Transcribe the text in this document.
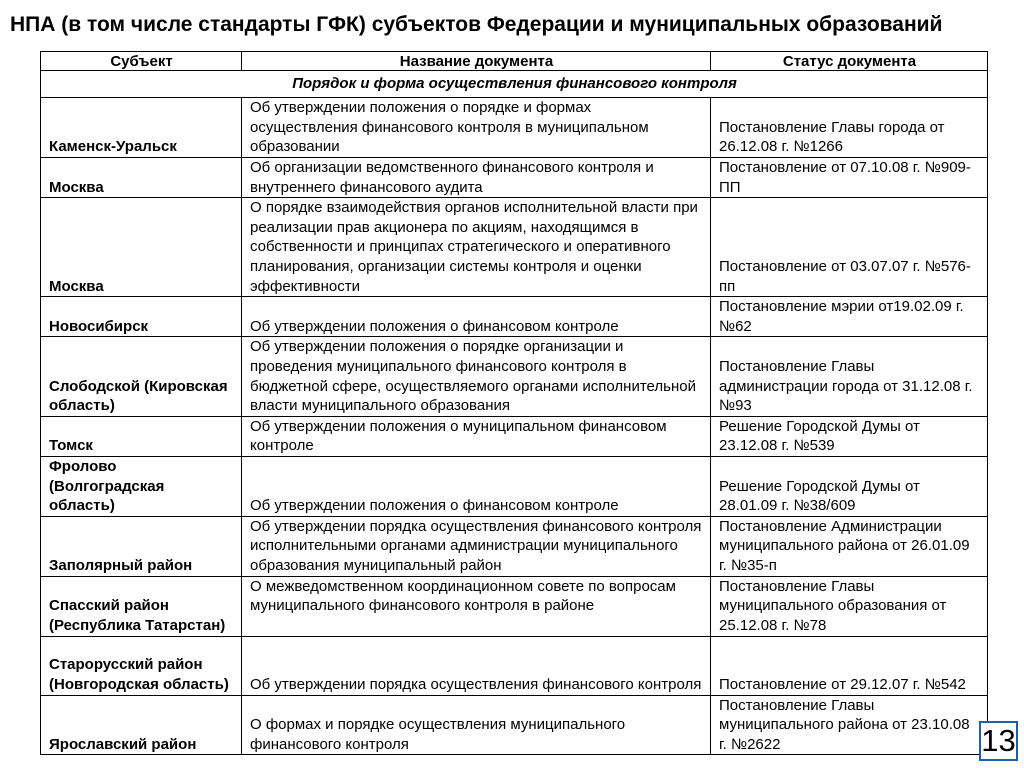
НПА (в том числе стандарты ГФК) субъектов Федерации и муниципальных образований
Субъект	Название документа	Статус документа
Порядок и форма осуществления финансового контроля		
Каменск-Уральск	Об утверждении положения о порядке и формах осуществления финансового контроля в муниципальном образовании	Постановление Главы города от 26.12.08 г. №1266
Москва	Об организации ведомственного финансового контроля и внутреннего финансового аудита	Постановление от 07.10.08 г. №909-ПП
Москва	О порядке взаимодействия органов исполнительной власти при реализации прав акционера по акциям, находящимся в собственности и принципах стратегического и оперативного планирования, организации системы контроля и оценки эффективности	Постановление от 03.07.07 г. №576-пп
Новосибирск	Об утверждении положения о финансовом контроле	Постановление мэрии от19.02.09 г. №62
Слободской (Кировская область)	Об утверждении положения о порядке организации и проведения муниципального финансового контроля в бюджетной сфере, осуществляемого органами исполнительной власти муниципального образования	Постановление Главы администрации города от 31.12.08 г. №93
Томск	Об утверждении положения о муниципальном финансовом контроле	Решение Городской Думы от 23.12.08 г. №539
Фролово (Волгоградская область)	Об утверждении положения о финансовом контроле	Решение Городской Думы от 28.01.09 г. №38/609
Заполярный район	Об утверждении порядка осуществления финансового контроля исполнительными органами администрации муниципального образования муниципальный район	Постановление Администрации муниципального района от 26.01.09 г. №35-п
Спасский район (Республика Татарстан)	О межведомственном координационном совете по вопросам муниципального финансового контроля в районе	Постановление Главы муниципального образования от 25.12.08 г. №78
Старорусский район (Новгородская область)	Об утверждении порядка осуществления финансового контроля	Постановление от 29.12.07 г. №542
Ярославский район	О формах и порядке осуществления муниципального финансового контроля	Постановление Главы муниципального района от 23.10.08 г. №2622	13
